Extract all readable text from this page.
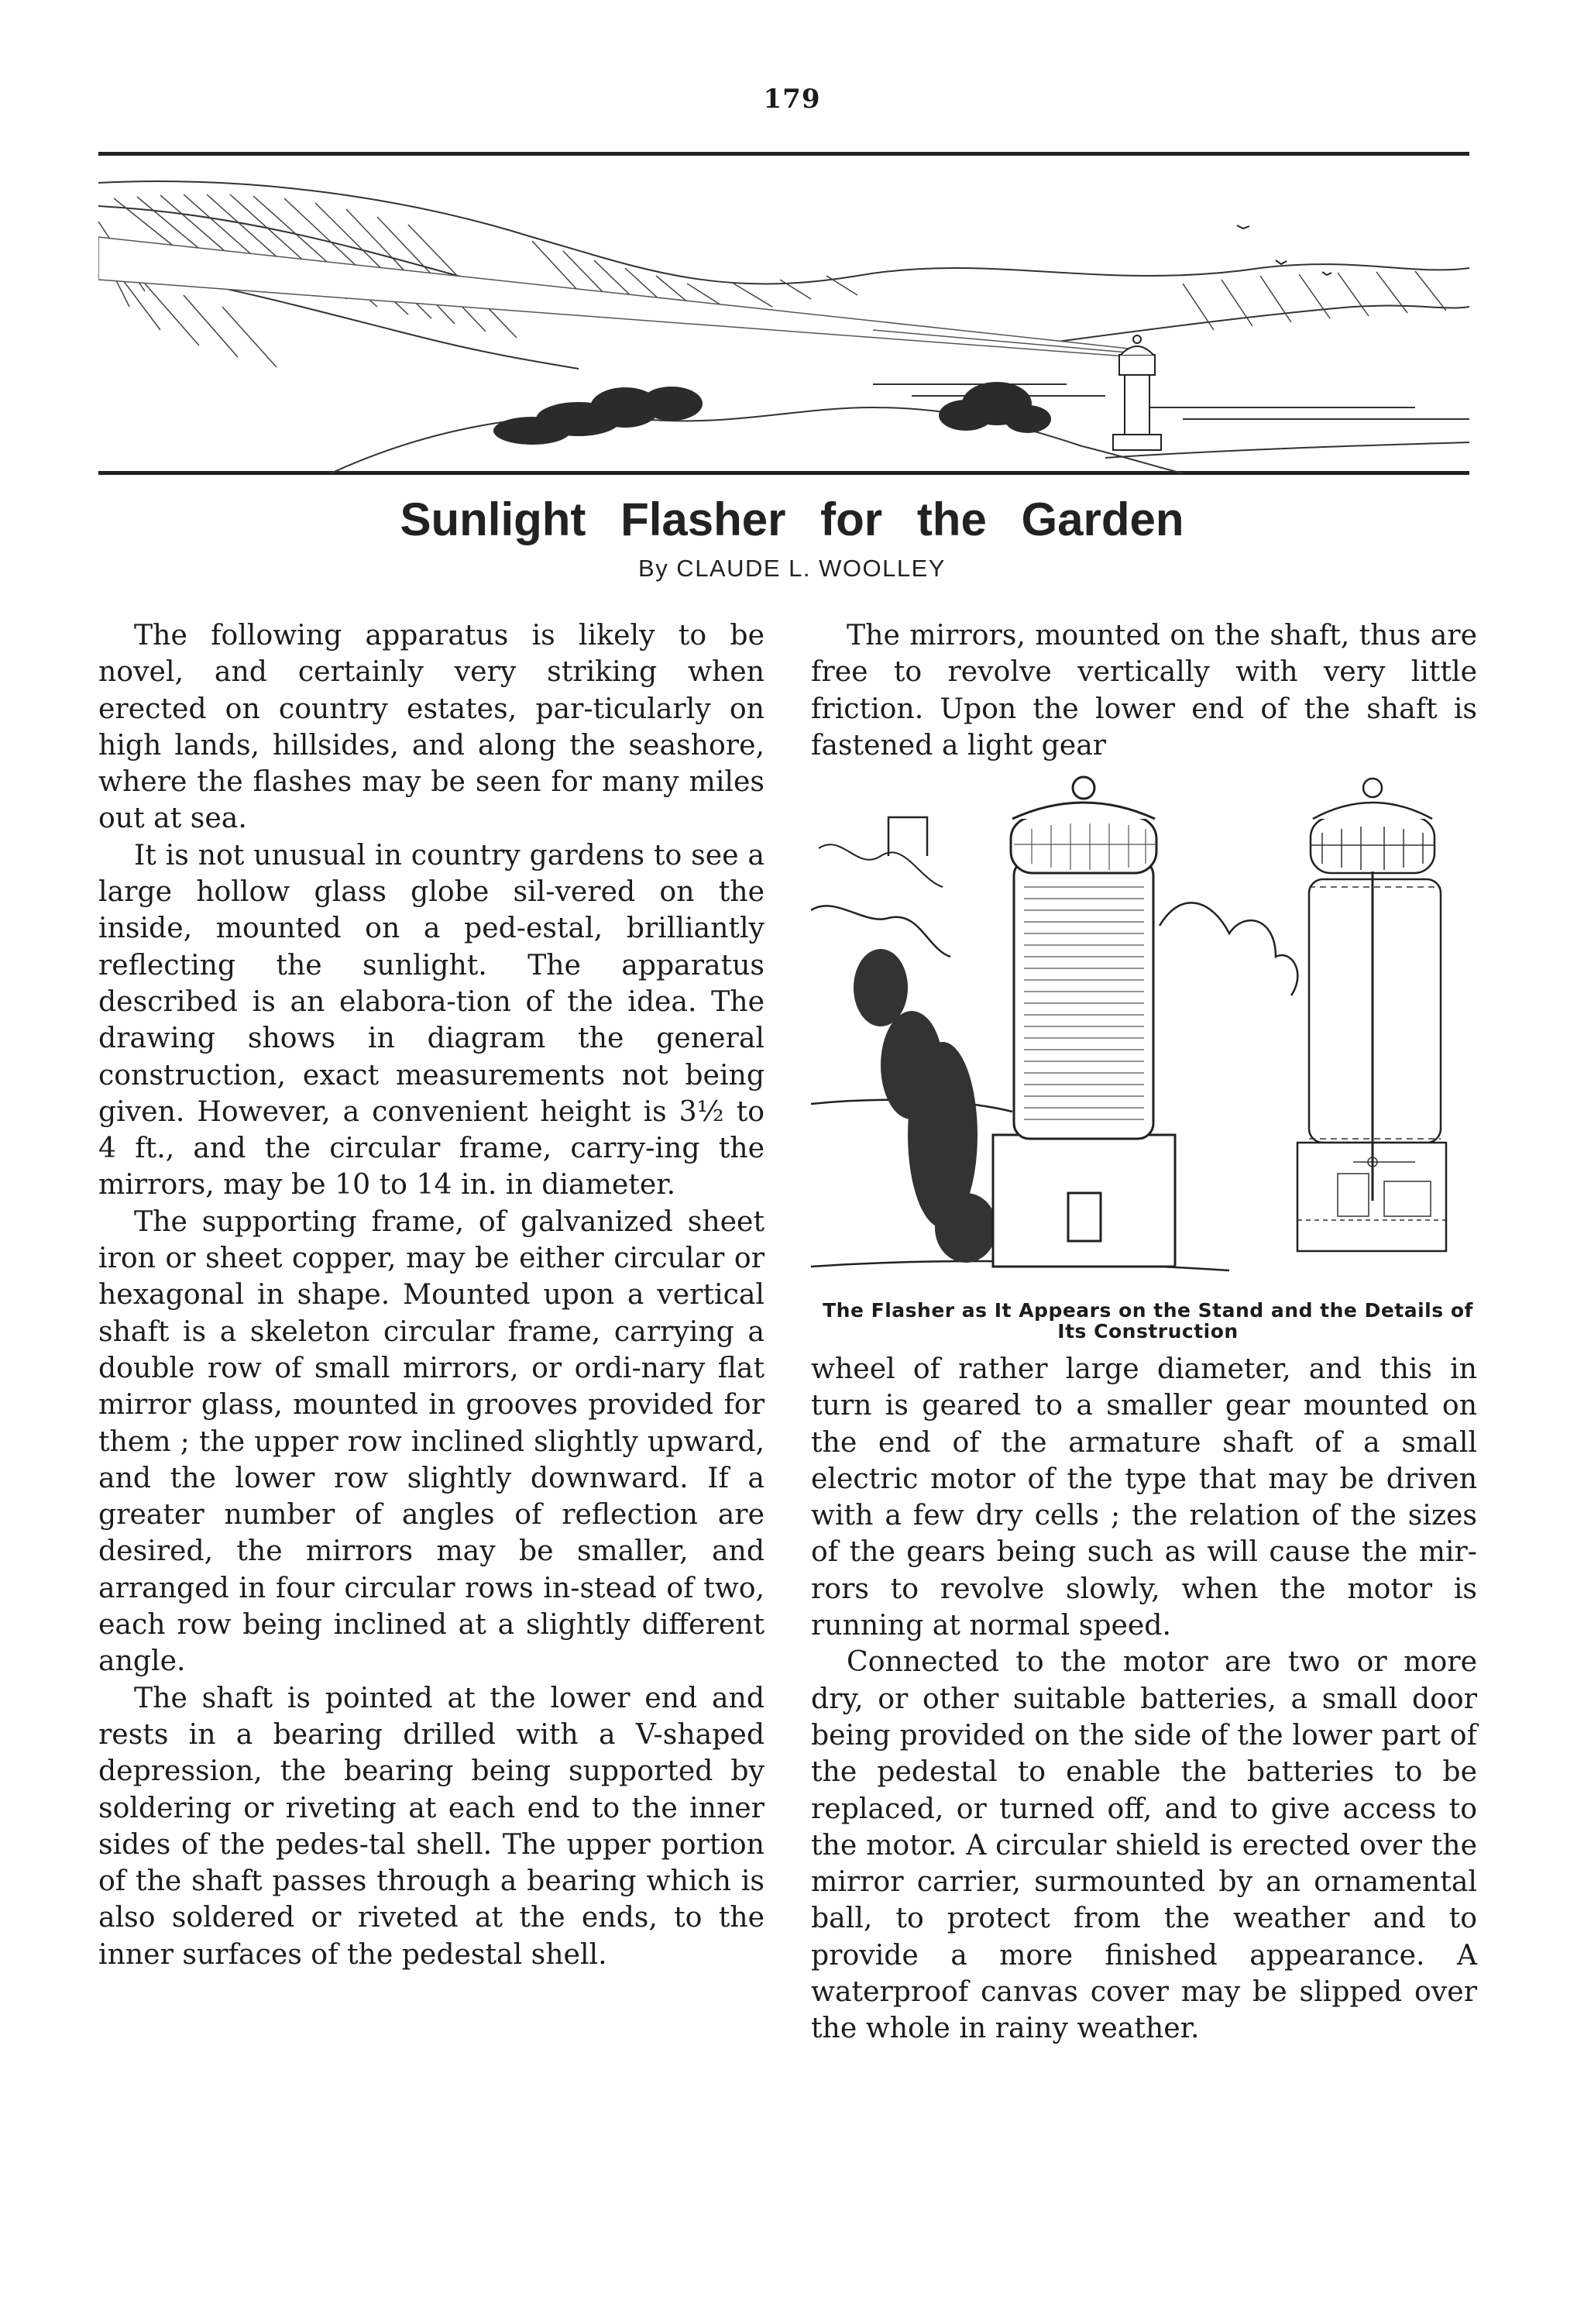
179
Sunlight Flasher for the Garden
By CLAUDE L. WOOLLEY

The following apparatus is likely to be novel, and certainly very striking when erected on country estates, par-ticularly on high lands, hillsides, and along the seashore, where the flashes may be seen for many miles out at sea.

It is not unusual in country gardens to see a large hollow glass globe sil-vered on the inside, mounted on a ped-estal, brilliantly reflecting the sunlight. The apparatus described is an elabora-tion of the idea. The drawing shows in diagram the general construction, exact measurements not being given. However, a convenient height is 3½ to 4 ft., and the circular frame, carry-ing the mirrors, may be 10 to 14 in. in diameter.

The supporting frame, of galvanized sheet iron or sheet copper, may be either circular or hexagonal in shape. Mounted upon a vertical shaft is a skeleton circular frame, carrying a double row of small mirrors, or ordi-nary flat mirror glass, mounted in grooves provided for them ; the upper row inclined slightly upward, and the lower row slightly downward. If a greater number of angles of reflection are desired, the mirrors may be smaller, and arranged in four circular rows in-stead of two, each row being inclined at a slightly different angle.

The shaft is pointed at the lower end and rests in a bearing drilled with a V-shaped depression, the bearing being supported by soldering or riveting at each end to the inner sides of the pedes-tal shell. The upper portion of the shaft passes through a bearing which is also soldered or riveted at the ends, to the inner surfaces of the pedestal shell.

The mirrors, mounted on the shaft, thus are free to revolve vertically with very little friction. Upon the lower end of the shaft is fastened a light gear

The Flasher as It Appears on the Stand and the Details of Its Construction

wheel of rather large diameter, and this in turn is geared to a smaller gear mounted on the end of the armature shaft of a small electric motor of the type that may be driven with a few dry cells ; the relation of the sizes of the gears being such as will cause the mir-rors to revolve slowly, when the motor is running at normal speed.

Connected to the motor are two or more dry, or other suitable batteries, a small door being provided on the side of the lower part of the pedestal to enable the batteries to be replaced, or turned off, and to give access to the motor. A circular shield is erected over the mirror carrier, surmounted by an ornamental ball, to protect from the weather and to provide a more finished appearance. A waterproof canvas cover may be slipped over the whole in rainy weather.
